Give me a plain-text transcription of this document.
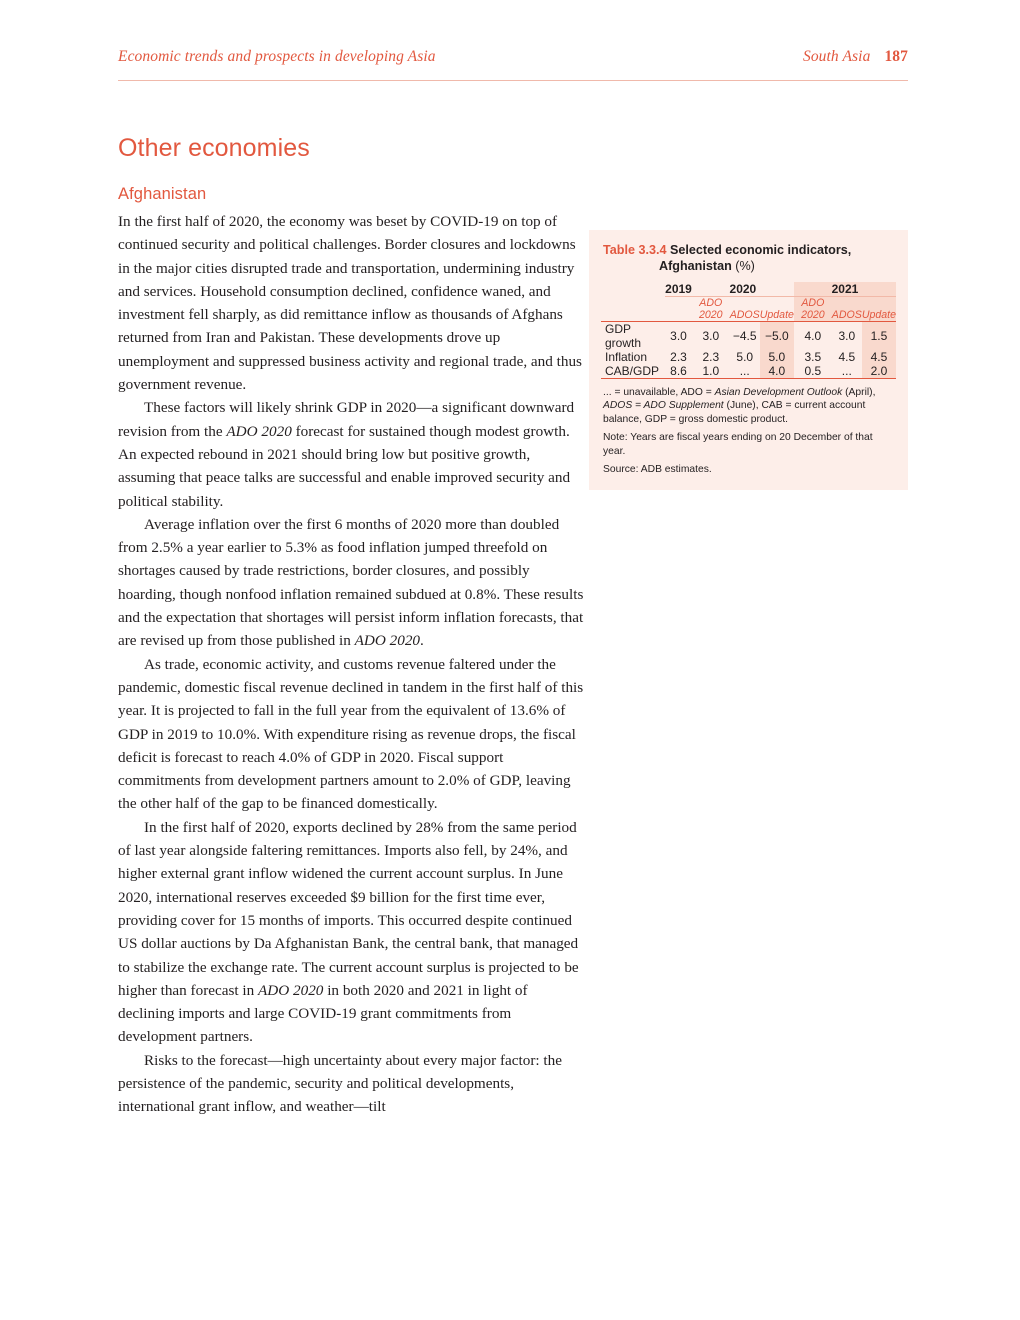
Economic trends and prospects in developing Asia	South Asia 187
Other economies
Afghanistan

In the first half of 2020, the economy was beset by COVID-19 on top of continued security and political challenges. Border closures and lockdowns in the major cities disrupted trade and transportation, undermining industry and services. Household consumption declined, confidence waned, and investment fell sharply, as did remittance inflow as thousands of Afghans returned from Iran and Pakistan. These developments drove up unemployment and suppressed business activity and regional trade, and thus government revenue.

These factors will likely shrink GDP in 2020—a significant downward revision from the ADO 2020 forecast for sustained though modest growth. An expected rebound in 2021 should bring low but positive growth, assuming that peace talks are successful and enable improved security and political stability.

Average inflation over the first 6 months of 2020 more than doubled from 2.5% a year earlier to 5.3% as food inflation jumped threefold on shortages caused by trade restrictions, border closures, and possibly hoarding, though nonfood inflation remained subdued at 0.8%. These results and the expectation that shortages will persist inform inflation forecasts, that are revised up from those published in ADO 2020.

As trade, economic activity, and customs revenue faltered under the pandemic, domestic fiscal revenue declined in tandem in the first half of this year. It is projected to fall in the full year from the equivalent of 13.6% of GDP in 2019 to 10.0%. With expenditure rising as revenue drops, the fiscal deficit is forecast to reach 4.0% of GDP in 2020. Fiscal support commitments from development partners amount to 2.0% of GDP, leaving the other half of the gap to be financed domestically.

In the first half of 2020, exports declined by 28% from the same period of last year alongside faltering remittances. Imports also fell, by 24%, and higher external grant inflow widened the current account surplus. In June 2020, international reserves exceeded $9 billion for the first time ever, providing cover for 15 months of imports. This occurred despite continued US dollar auctions by Da Afghanistan Bank, the central bank, that managed to stabilize the exchange rate. The current account surplus is projected to be higher than forecast in ADO 2020 in both 2020 and 2021 in light of declining imports and large COVID-19 grant commitments from development partners.

Risks to the forecast—high uncertainty about every major factor: the persistence of the pandemic, security and political developments, international grant inflow, and weather—tilt

Table 3.3.4 Selected economic indicators,
Afghanistan (%)
	2019	2020			2021		
		ADO 2020	ADOS	Update	ADO 2020	ADOS	Update
GDP growth	3.0	3.0	−4.5	−5.0	4.0	3.0	1.5
Inflation	2.3	2.3	5.0	5.0	3.5	4.5	4.5
CAB/GDP	8.6	1.0	...	4.0	0.5	...	2.0
... = unavailable, ADO = Asian Development Outlook (April),
ADOS = ADO Supplement (June), CAB = current account balance, GDP = gross domestic product.
Note: Years are fiscal years ending on 20 December of that year.
Source: ADB estimates.
